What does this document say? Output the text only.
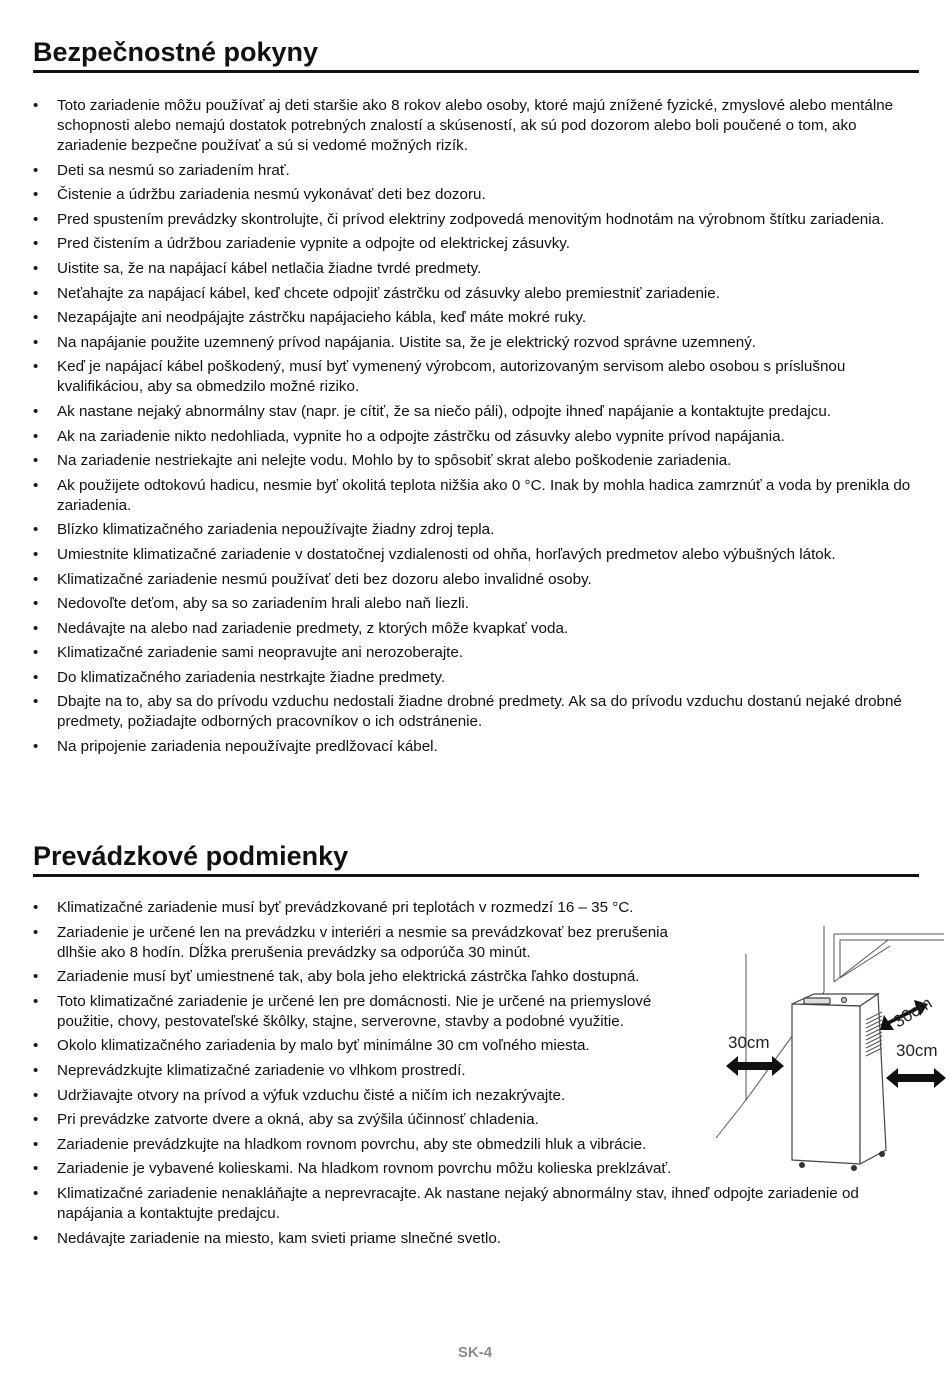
Bezpečnostné pokyny
• Toto zariadenie môžu používať aj deti staršie ako 8 rokov alebo osoby, ktoré majú znížené fyzické, zmyslové alebo mentálne schopnosti alebo nemajú dostatok potrebných znalostí a skúseností, ak sú pod dozorom alebo boli poučené o tom, ako zariadenie bezpečne používať a sú si vedomé možných rizík.
• Deti sa nesmú so zariadením hrať.
• Čistenie a údržbu zariadenia nesmú vykonávať deti bez dozoru.
• Pred spustením prevádzky skontrolujte, či prívod elektriny zodpovedá menovitým hodnotám na výrobnom štítku zariadenia.
• Pred čistením a údržbou zariadenie vypnite a odpojte od elektrickej zásuvky.
• Uistite sa, že na napájací kábel netlačia žiadne tvrdé predmety.
• Neťahajte za napájací kábel, keď chcete odpojiť zástrčku od zásuvky alebo premiestniť zariadenie.
• Nezapájajte ani neodpájajte zástrčku napájacieho kábla, keď máte mokré ruky.
• Na napájanie použite uzemnený prívod napájania. Uistite sa, že je elektrický rozvod správne uzemnený.
• Keď je napájací kábel poškodený, musí byť vymenený výrobcom, autorizovaným servisom alebo osobou s príslušnou kvalifikáciou, aby sa obmedzilo možné riziko.
• Ak nastane nejaký abnormálny stav (napr. je cítiť, že sa niečo páli), odpojte ihneď napájanie a kontaktujte predajcu.
• Ak na zariadenie nikto nedohliada, vypnite ho a odpojte zástrčku od zásuvky alebo vypnite prívod napájania.
• Na zariadenie nestriekajte ani nelejte vodu. Mohlo by to spôsobiť skrat alebo poškodenie zariadenia.
• Ak použijete odtokovú hadicu, nesmie byť okolitá teplota nižšia ako 0 °C. Inak by mohla hadica zamrznúť a voda by prenikla do zariadenia.
• Blízko klimatizačného zariadenia nepoužívajte žiadny zdroj tepla.
• Umiestnite klimatizačné zariadenie v dostatočnej vzdialenosti od ohňa, horľavých predmetov alebo výbušných látok.
• Klimatizačné zariadenie nesmú používať deti bez dozoru alebo invalidné osoby.
• Nedovoľte deťom, aby sa so zariadením hrali alebo naň liezli.
• Nedávajte na alebo nad zariadenie predmety, z ktorých môže kvapkať voda.
• Klimatizačné zariadenie sami neopravujte ani nerozoberajte.
• Do klimatizačného zariadenia nestrkajte žiadne predmety.
• Dbajte na to, aby sa do prívodu vzduchu nedostali žiadne drobné predmety. Ak sa do prívodu vzduchu dostanú nejaké drobné predmety, požiadajte odborných pracovníkov o ich odstránenie.
• Na pripojenie zariadenia nepoužívajte predlžovací kábel.
Prevádzkové podmienky
• Klimatizačné zariadenie musí byť prevádzkované pri teplotách v rozmedzí 16 – 35 °C.
• Zariadenie je určené len na prevádzku v interiéri a nesmie sa prevádzkovať bez prerušenia dlhšie ako 8 hodín. Dĺžka prerušenia prevádzky sa odporúča 30 minút.
• Zariadenie musí byť umiestnené tak, aby bola jeho elektrická zástrčka ľahko dostupná.
• Toto klimatizačné zariadenie je určené len pre domácnosti. Nie je určené na priemyslové použitie, chovy, pestovateľské škôlky, stajne, serverovne, stavby a podobné využitie.
• Okolo klimatizačného zariadenia by malo byť minimálne 30 cm voľného miesta.
• Neprevádzkujte klimatizačné zariadenie vo vlhkom prostredí.
• Udržiavajte otvory na prívod a výfuk vzduchu čisté a ničím ich nezakrývajte.
• Pri prevádzke zatvorte dvere a okná, aby sa zvýšila účinnosť chladenia.
• Zariadenie prevádzkujte na hladkom rovnom povrchu, aby ste obmedzili hluk a vibrácie.
• Zariadenie je vybavené kolieskami. Na hladkom rovnom povrchu môžu kolieska preklzávať.
• Klimatizačné zariadenie nenakláňajte a neprevracajte. Ak nastane nejaký abnormálny stav, ihneď odpojte zariadenie od napájania a kontaktujte predajcu.
• Nedávajte zariadenie na miesto, kam svieti priame slnečné svetlo.
30cm	30cm
30cm
SK-4
